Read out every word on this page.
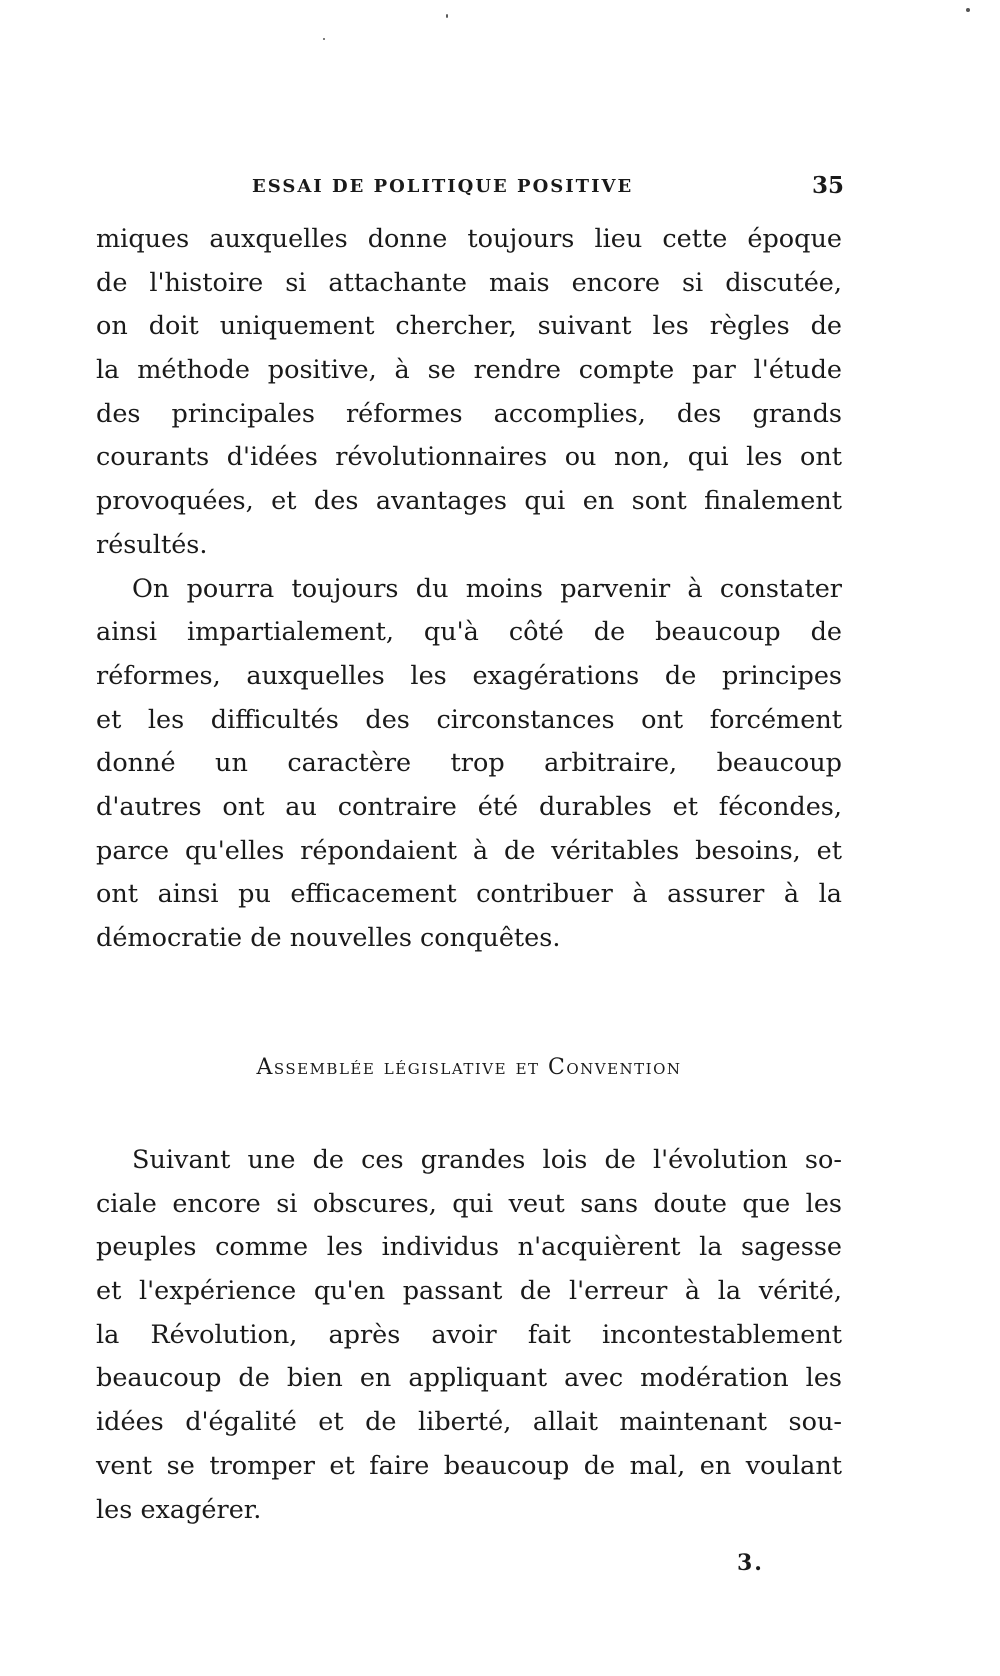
ESSAI DE POLITIQUE POSITIVE	35
miques auxquelles donne toujours lieu cette époque
de l'histoire si attachante mais encore si discutée,
on doit uniquement chercher, suivant les règles de
la méthode positive, à se rendre compte par l'étude
des principales réformes accomplies, des grands
courants d'idées révolutionnaires ou non, qui les ont
provoquées, et des avantages qui en sont finalement
résultés.
On pourra toujours du moins parvenir à constater
ainsi impartialement, qu'à côté de beaucoup de
réformes, auxquelles les exagérations de principes
et les difficultés des circonstances ont forcément
donné un caractère trop arbitraire, beaucoup
d'autres ont au contraire été durables et fécondes,
parce qu'elles répondaient à de véritables besoins, et
ont ainsi pu efficacement contribuer à assurer à la
démocratie de nouvelles conquêtes.
Assemblée législative et Convention
Suivant une de ces grandes lois de l'évolution so-
ciale encore si obscures, qui veut sans doute que les
peuples comme les individus n'acquièrent la sagesse
et l'expérience qu'en passant de l'erreur à la vérité,
la Révolution, après avoir fait incontestablement
beaucoup de bien en appliquant avec modération les
idées d'égalité et de liberté, allait maintenant sou-
vent se tromper et faire beaucoup de mal, en voulant
les exagérer.
3.
